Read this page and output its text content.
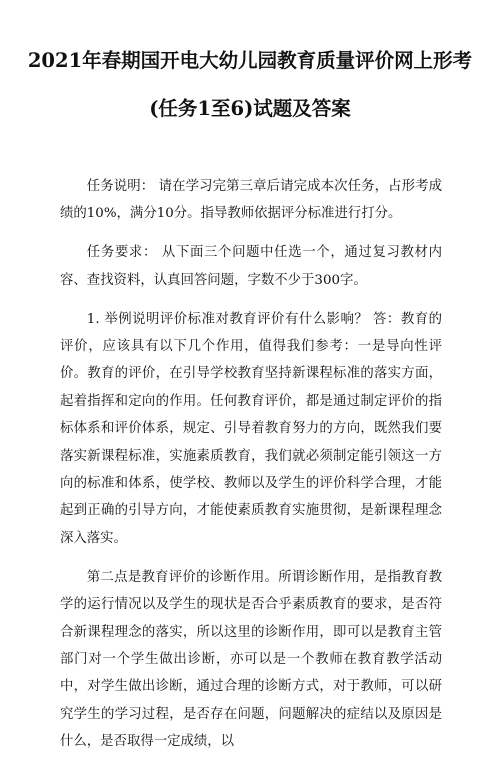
2021年春期国开电大幼儿园教育质量评价网上形考
(任务1至6)试题及答案

任务说明： 请在学习完第三章后请完成本次任务，占形考成绩的10%，满分10分。指导教师依据评分标准进行打分。

任务要求： 从下面三个问题中任选一个，通过复习教材内容、查找资料，认真回答问题，字数不少于300字。

1. 举例说明评价标准对教育评价有什么影响？ 答：教育的评价，应该具有以下几个作用，值得我们参考：一是导向性评价。教育的评价，在引导学校教育坚持新课程标准的落实方面，起着指挥和定向的作用。任何教育评价，都是通过制定评价的指标体系和评价体系，规定、引导着教育努力的方向，既然我们要落实新课程标准，实施素质教育，我们就必须制定能引领这一方向的标准和体系，使学校、教师以及学生的评价科学合理，才能起到正确的引导方向，才能使素质教育实施贯彻，是新课程理念深入落实。

第二点是教育评价的诊断作用。所谓诊断作用，是指教育教学的运行情况以及学生的现状是否合乎素质教育的要求，是否符合新课程理念的落实，所以这里的诊断作用，即可以是教育主管部门对一个学生做出诊断，亦可以是一个教师在教育教学活动中，对学生做出诊断，通过合理的诊断方式，对于教师，可以研究学生的学习过程，是否存在问题，问题解决的症结以及原因是什么，是否取得一定成绩，以
